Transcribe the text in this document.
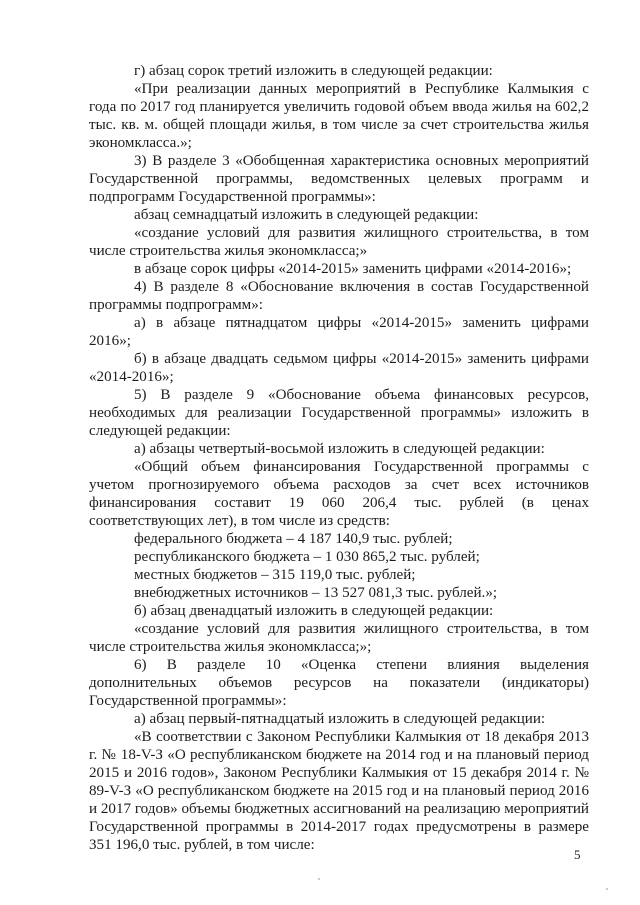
г) абзац сорок третий изложить в следующей редакции:

«При реализации данных мероприятий в Республике Калмыкия с

года по 2017 год планируется увеличить годовой объем ввода жилья на 602,2

тыс. кв. м. общей площади жилья, в том числе за счет строительства жилья

экономкласса.»;

3) В разделе 3 «Обобщенная характеристика основных мероприятий

Государственной программы, ведомственных целевых программ и

подпрограмм Государственной программы»:

абзац семнадцатый изложить в следующей редакции:

«создание условий для развития жилищного строительства, в том

числе строительства жилья экономкласса;»

в абзаце сорок цифры «2014-2015» заменить цифрами «2014-2016»;

4) В разделе 8 «Обоснование включения в состав Государственной

программы подпрограмм»:

а) в абзаце пятнадцатом цифры «2014-2015» заменить цифрами

2016»;

б) в абзаце двадцать седьмом цифры «2014-2015» заменить цифрами

«2014-2016»;

5) В разделе 9 «Обоснование объема финансовых ресурсов,

необходимых для реализации Государственной программы» изложить в

следующей редакции:

а) абзацы четвертый-восьмой изложить в следующей редакции:

«Общий объем финансирования Государственной программы с

учетом прогнозируемого объема расходов за счет всех источников

финансирования составит 19 060 206,4 тыс. рублей (в ценах

соответствующих лет), в том числе из средств:

федерального бюджета – 4 187 140,9 тыс. рублей;

республиканского бюджета – 1 030 865,2 тыс. рублей;

местных бюджетов – 315 119,0 тыс. рублей;

внебюджетных источников – 13 527 081,3 тыс. рублей.»;

б) абзац двенадцатый изложить в следующей редакции:

«создание условий для развития жилищного строительства, в том

числе строительства жилья экономкласса;»;

6) В разделе 10 «Оценка степени влияния выделения

дополнительных объемов ресурсов на показатели (индикаторы)

Государственной программы»:

а) абзац первый-пятнадцатый изложить в следующей редакции:

«В соответствии с Законом Республики Калмыкия от 18 декабря 2013

г. № 18-V-З «О республиканском бюджете на 2014 год и на плановый период

2015 и 2016 годов», Законом Республики Калмыкия от 15 декабря 2014 г. №

89-V-З «О республиканском бюджете на 2015 год и на плановый период 2016

и 2017 годов» объемы бюджетных ассигнований на реализацию мероприятий

Государственной программы в 2014-2017 годах предусмотрены в размере

351 196,0 тыс. рублей, в том числе:

5
